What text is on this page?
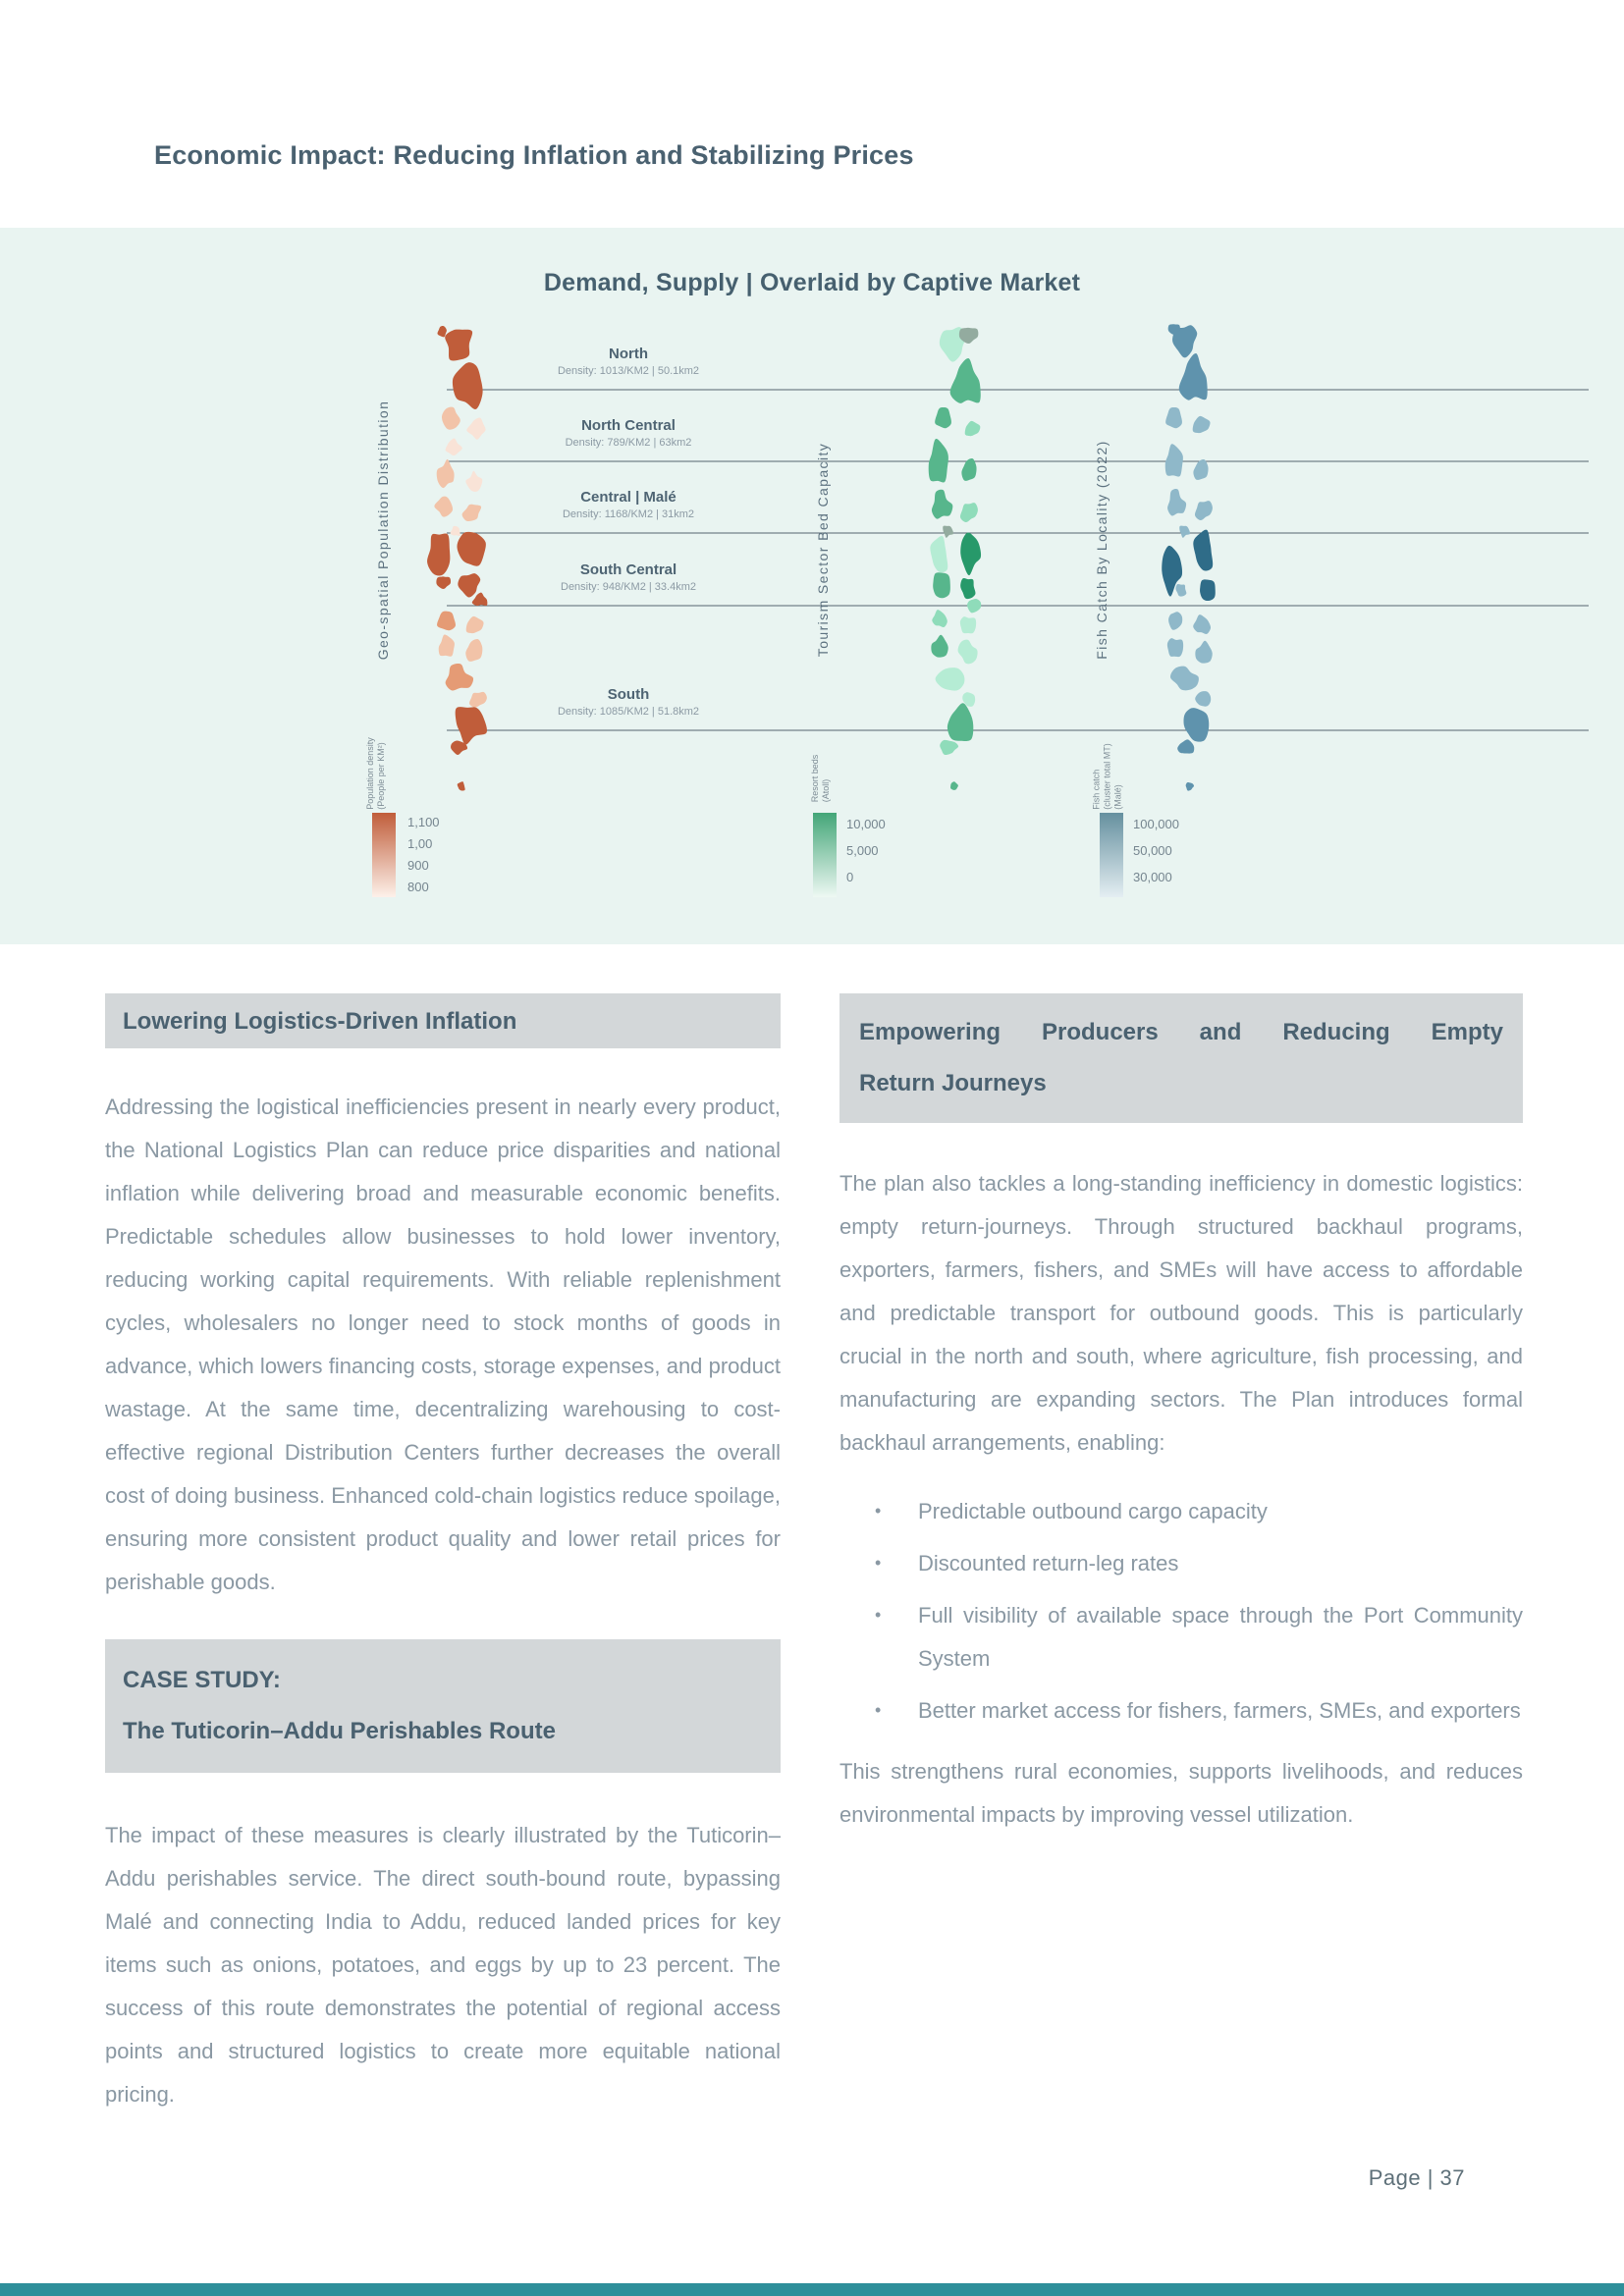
Economic Impact: Reducing Inflation and Stabilizing Prices
Demand, Supply | Overlaid by Captive Market
North
Density: 1013/KM2 | 50.1km2
North Central
Density: 789/KM2 | 63km2
Central | Malé
Density: 1168/KM2 | 31km2
South Central
Density: 948/KM2 | 33.4km2
South
Density: 1085/KM2 | 51.8km2
Geo-spatial Population Distribution	Tourism Sector Bed Capacity	Fish Catch By Locality (2022)
Population density (People per KM²)
1,100
1,00
900
800
Resort beds (Atoll)
10,000
5,000
0
Fish catch (cluster total MT) (Malé)
100,000
50,000
30,000
Lowering Logistics-Driven Inflation

Addressing the logistical inefficiencies present in nearly every product, the National Logistics Plan can reduce price disparities and national inflation while delivering broad and measurable economic benefits. Predictable schedules allow businesses to hold lower inventory, reducing working capital requirements. With reliable replenishment cycles, wholesalers no longer need to stock months of goods in advance, which lowers financing costs, storage expenses, and product wastage. At the same time, decentralizing warehousing to cost-effective regional Distribution Centers further decreases the overall cost of doing business. Enhanced cold-chain logistics reduce spoilage, ensuring more consistent product quality and lower retail prices for perishable goods.

CASE STUDY:
The Tuticorin–Addu Perishables Route

The impact of these measures is clearly illustrated by the Tuticorin–Addu perishables service. The direct south-bound route, bypassing Malé and connecting India to Addu, reduced landed prices for key items such as onions, potatoes, and eggs by up to 23 percent. The success of this route demonstrates the potential of regional access points and structured logistics to create more equitable national pricing.

Empowering Producers and Reducing Empty
Return Journeys

The plan also tackles a long-standing inefficiency in domestic logistics: empty return-journeys. Through structured backhaul programs, exporters, farmers, fishers, and SMEs will have access to affordable and predictable transport for outbound goods. This is particularly crucial in the north and south, where agriculture, fish processing, and manufacturing are expanding sectors. The Plan introduces formal backhaul arrangements, enabling:

• Predictable outbound cargo capacity
• Discounted return-leg rates
• Full visibility of available space through the Port Community System
• Better market access for fishers, farmers, SMEs, and exporters

This strengthens rural economies, supports livelihoods, and reduces environmental impacts by improving vessel utilization.

Page | 37
